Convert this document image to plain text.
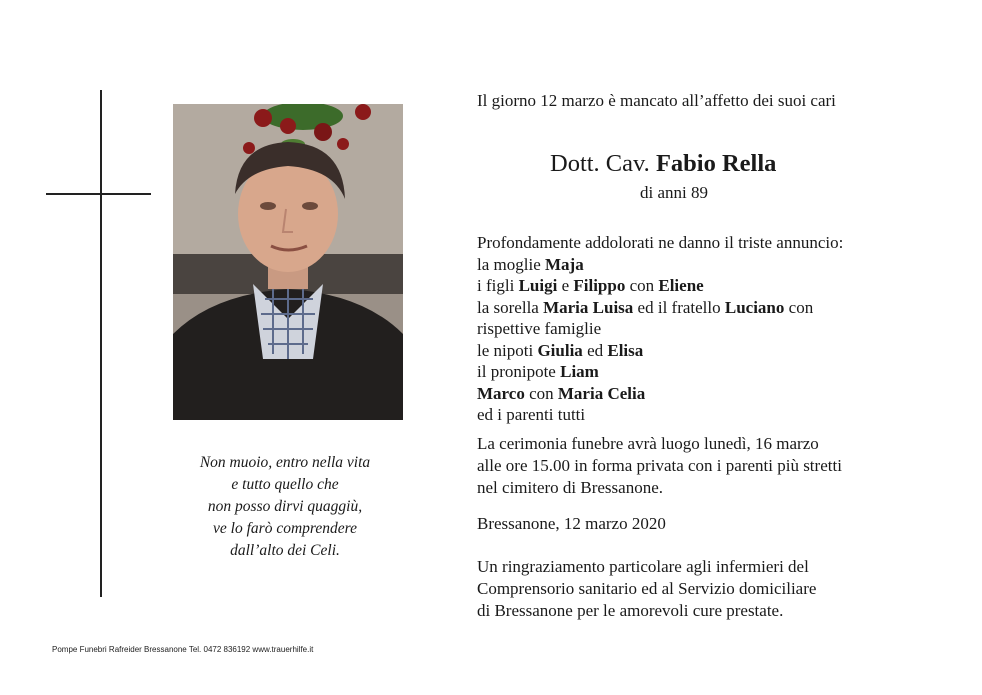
Non muoio, entro nella vita
e tutto quello che
non posso dirvi quaggiù,
ve lo farò comprendere
dall’alto dei Celi.
Pompe Funebri Rafreider Bressanone Tel. 0472 836192 www.trauerhilfe.it
Il giorno 12 marzo è mancato all’affetto dei suoi cari
Dott. Cav. Fabio Rella
di anni 89
Profondamente addolorati ne danno il triste annuncio:
la moglie Maja
i figli Luigi e Filippo con Eliene
la sorella Maria Luisa ed il fratello Luciano con
rispettive famiglie
le nipoti Giulia ed Elisa
il pronipote Liam
Marco con Maria Celia
ed i parenti tutti
La cerimonia funebre avrà luogo lunedì, 16 marzo
alle ore 15.00 in forma privata con i parenti più stretti
nel cimitero di Bressanone.
Bressanone, 12 marzo 2020
Un ringraziamento particolare agli infermieri del
Comprensorio sanitario ed al Servizio domiciliare
di Bressanone per le amorevoli cure prestate.
